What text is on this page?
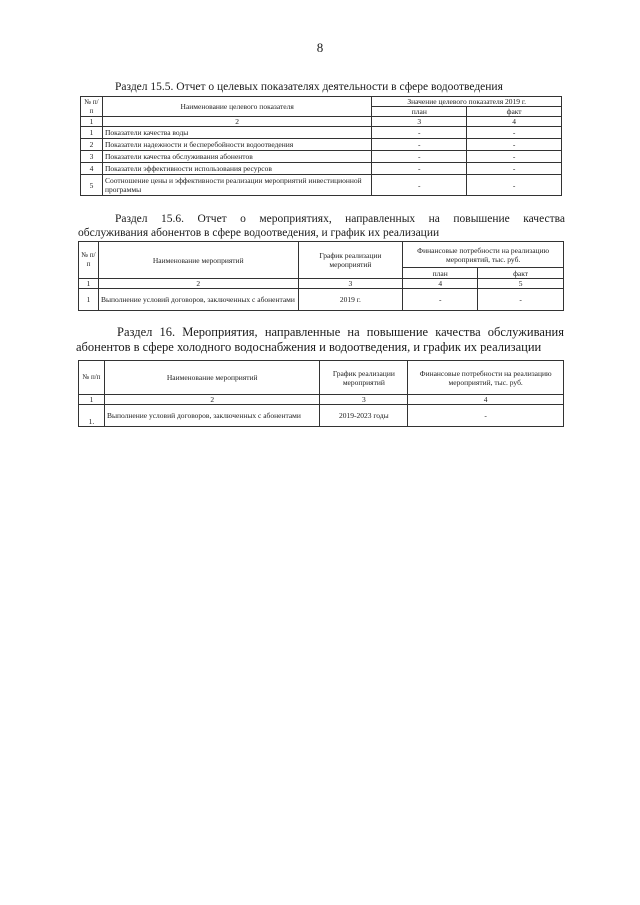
8
Раздел 15.5. Отчет о целевых показателях деятельности в сфере водоотведения
№ п/п	Наименование целевого показателя	Значение целевого показателя 2019 г.	
		план	факт
1	2	3	4
1	Показатели качества воды	-	-
2	Показатели надежности и бесперебойности водоотведения	-	-
3	Показатели качества обслуживания абонентов	-	-
4	Показатели эффективности использования ресурсов	-	-
5	Соотношение цены и эффективности реализации мероприятий инвестиционной программы	-	-
Раздел 15.6. Отчет о мероприятиях, направленных на повышение качества
обслуживания абонентов в сфере водоотведения, и график их реализации
№ п/п	Наименование мероприятий	График реализации мероприятий	Финансовые потребности на реализацию мероприятий, тыс. руб.	
			план	факт
1	2	3	4	5
1	Выполнение условий договоров, заключенных с абонентами	2019 г.	-	-
Раздел 16. Мероприятия, направленные на повышение качества обслуживания
абонентов в сфере холодного водоснабжения и водоотведения, и график их реализации
№ п/п	Наименование мероприятий	График реализации мероприятий	Финансовые потребности на реализацию мероприятий, тыс. руб.
1	2	3	4
1.	Выполнение условий договоров, заключенных с абонентами	2019-2023 годы	-
